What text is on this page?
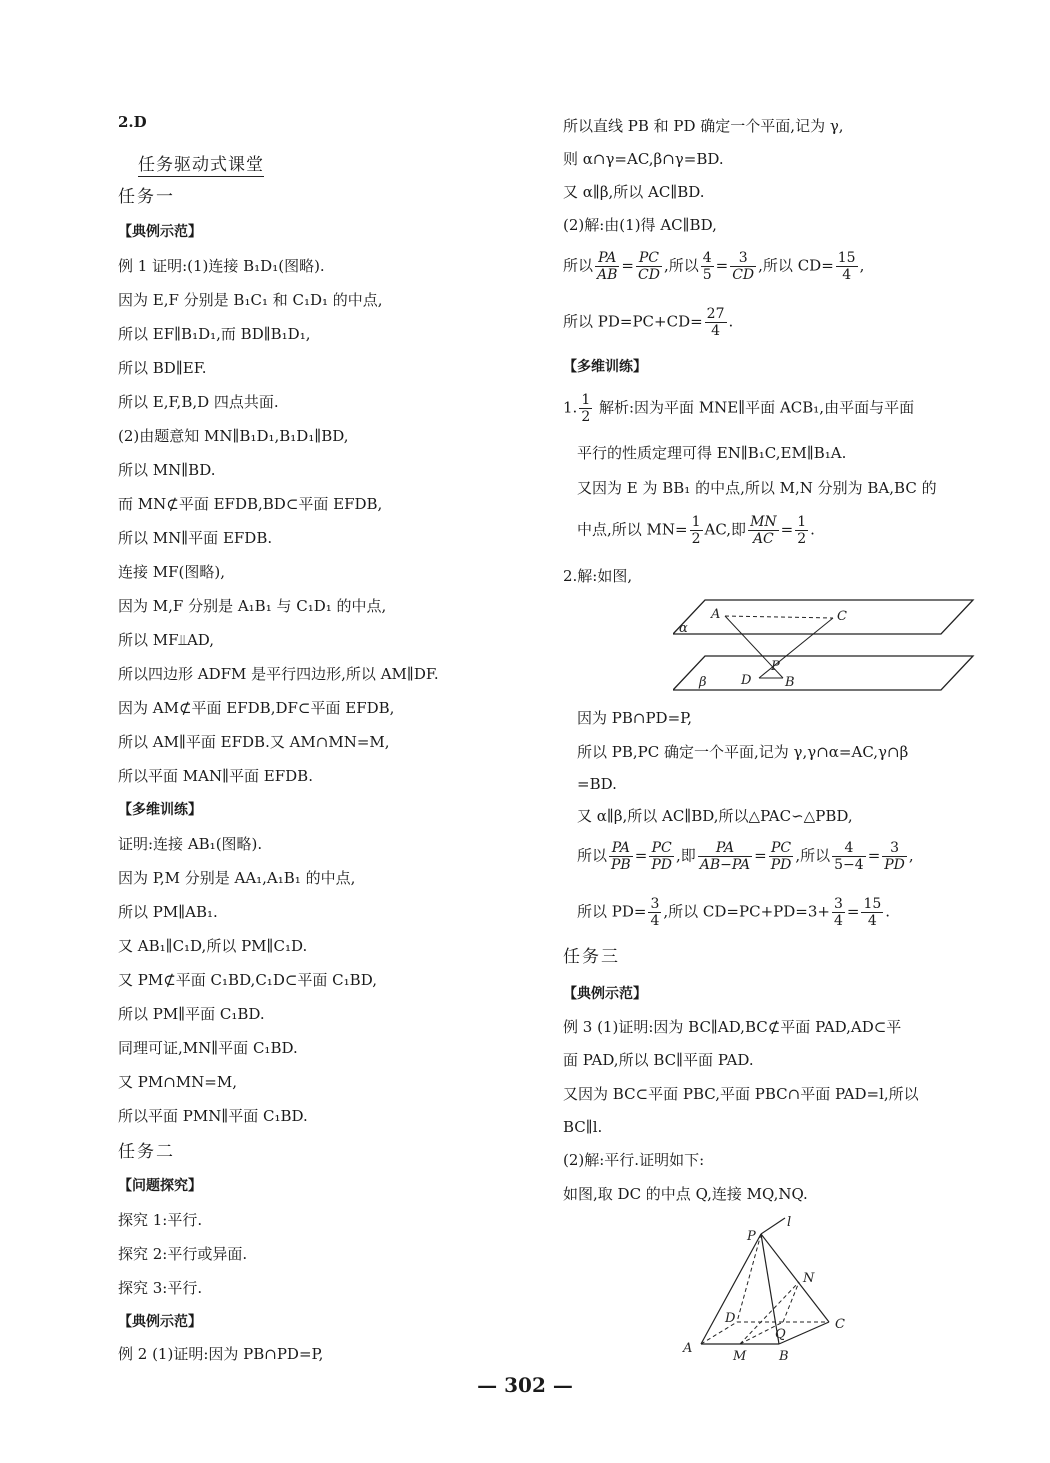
2.D
任务驱动式课堂
任务一
【典例示范】
例 1 证明:(1)连接 B₁D₁(图略).
因为 E,F 分别是 B₁C₁ 和 C₁D₁ 的中点,
所以 EF∥B₁D₁,而 BD∥B₁D₁,
所以 BD∥EF.
所以 E,F,B,D 四点共面.
(2)由题意知 MN∥B₁D₁,B₁D₁∥BD,
所以 MN∥BD.
而 MN⊄平面 EFDB,BD⊂平面 EFDB,
所以 MN∥平面 EFDB.
连接 MF(图略),
因为 M,F 分别是 A₁B₁ 与 C₁D₁ 的中点,
所以 MF⫫AD,
所以四边形 ADFM 是平行四边形,所以 AM∥DF.
因为 AM⊄平面 EFDB,DF⊂平面 EFDB,
所以 AM∥平面 EFDB.又 AM∩MN=M,
所以平面 MAN∥平面 EFDB.
【多维训练】
证明:连接 AB₁(图略).
因为 P,M 分别是 AA₁,A₁B₁ 的中点,
所以 PM∥AB₁.
又 AB₁∥C₁D,所以 PM∥C₁D.
又 PM⊄平面 C₁BD,C₁D⊂平面 C₁BD,
所以 PM∥平面 C₁BD.
同理可证,MN∥平面 C₁BD.
又 PM∩MN=M,
所以平面 PMN∥平面 C₁BD.
任务二
【问题探究】
探究 1:平行.
探究 2:平行或异面.
探究 3:平行.
【典例示范】
例 2 (1)证明:因为 PB∩PD=P,
所以直线 PB 和 PD 确定一个平面,记为 γ,
则 α∩γ=AC,β∩γ=BD.
又 α∥β,所以 AC∥BD.
(2)解:由(1)得 AC∥BD,
所以 $\frac{PA}{AB} = \frac{PC}{CD}$ ,所以 $\frac{4}{5} = \frac{3}{CD}$ ,所以 $CD= \frac{15}{4}$ ,
所以 $PD=PC+CD= \frac{27}{4}$ .
【多维训练】
1. $\frac{1}{2}$ 解析:因为平面 MNE∥平面 ACB₁,由平面与平面
平行的性质定理可得 EN∥B₁C,EM∥B₁A.
又因为 E 为 BB₁ 的中点,所以 M,N 分别为 BA,BC 的
中点,所以 $MN= \frac{1}{2}$ AC,即 $\frac{MN}{AC} = \frac{1}{2}$ .
2.解:如图,
α
β
A	C
D
P
B
因为 PB∩PD=P,
所以 PB,PC 确定一个平面,记为 γ,γ∩α=AC,γ∩β
=BD.
又 α∥β,所以 AC∥BD,所以△PAC∽△PBD,
所以 $\frac{PA}{PB} = \frac{PC}{PD}$ ,即 $\frac{PA}{AB-PA} = \frac{PC}{PD}$ ,所以 $\frac{4}{5-4} = \frac{3}{PD}$ ,
所以 $PD= \frac{3}{4}$ ,所以 $CD=PC+PD=3+ \frac{3}{4} = \frac{15}{4}$ .
任务三
【典例示范】
例 3 (1)证明:因为 BC∥AD,BC⊄平面 PAD,AD⊂平
面 PAD,所以 BC∥平面 PAD.
又因为 BC⊂平面 PBC,平面 PBC∩平面 PAD=l,所以
BC∥l.
(2)解:平行.证明如下:
如图,取 DC 的中点 Q,连接 MQ,NQ.
P
l
N
D
Q
C
A
M	B
— 302 —
